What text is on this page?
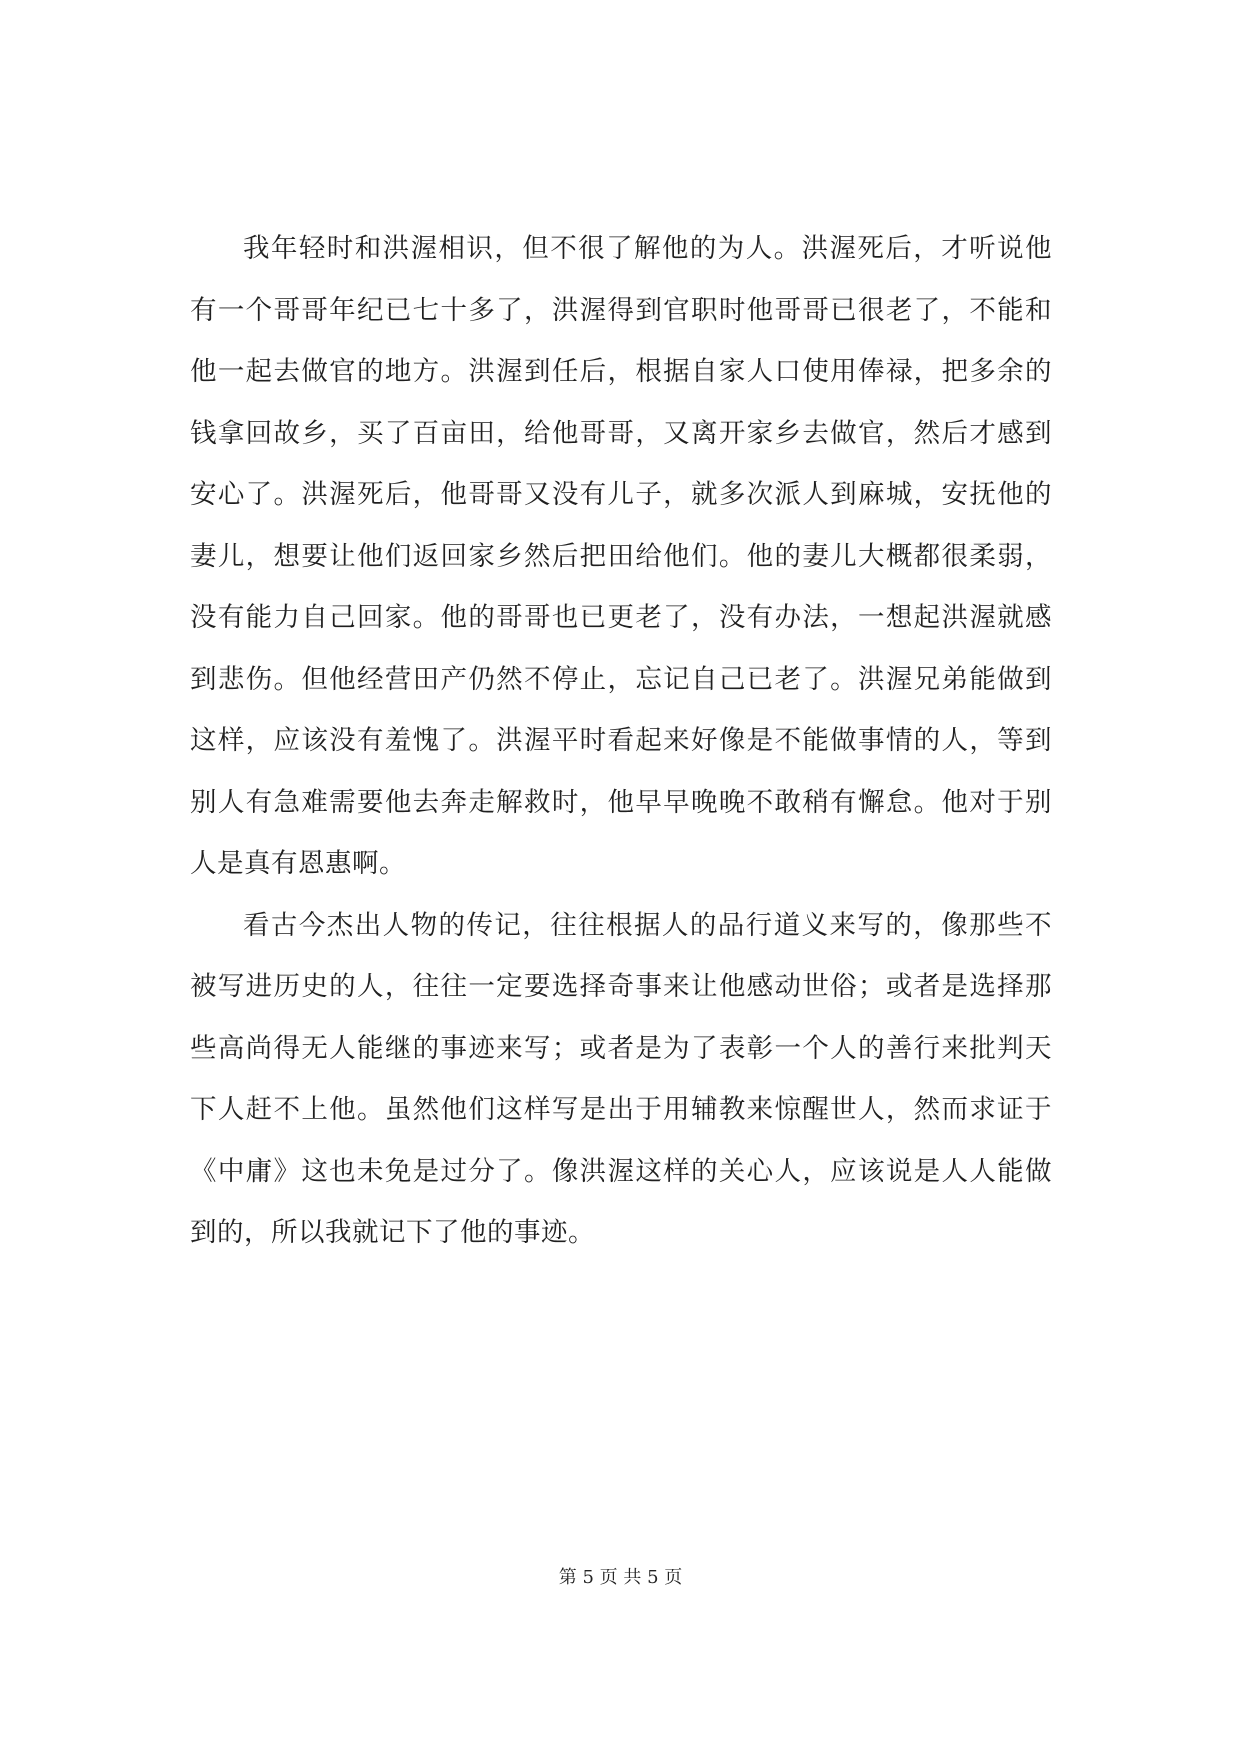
我年轻时和洪渥相识，但不很了解他的为人。洪渥死后，才听说他有一个哥哥年纪已七十多了，洪渥得到官职时他哥哥已很老了，不能和他一起去做官的地方。洪渥到任后，根据自家人口使用俸禄，把多余的钱拿回故乡，买了百亩田，给他哥哥，又离开家乡去做官，然后才感到安心了。洪渥死后，他哥哥又没有儿子，就多次派人到麻城，安抚他的妻儿，想要让他们返回家乡然后把田给他们。他的妻儿大概都很柔弱，没有能力自己回家。他的哥哥也已更老了，没有办法，一想起洪渥就感到悲伤。但他经营田产仍然不停止，忘记自己已老了。洪渥兄弟能做到这样，应该没有羞愧了。洪渥平时看起来好像是不能做事情的人，等到别人有急难需要他去奔走解救时，他早早晚晚不敢稍有懈怠。他对于别人是真有恩惠啊。

看古今杰出人物的传记，往往根据人的品行道义来写的，像那些不被写进历史的人，往往一定要选择奇事来让他感动世俗；或者是选择那些高尚得无人能继的事迹来写；或者是为了表彰一个人的善行来批判天下人赶不上他。虽然他们这样写是出于用辅教来惊醒世人，然而求证于《中庸》这也未免是过分了。像洪渥这样的关心人，应该说是人人能做到的，所以我就记下了他的事迹。

第 5 页 共 5 页
